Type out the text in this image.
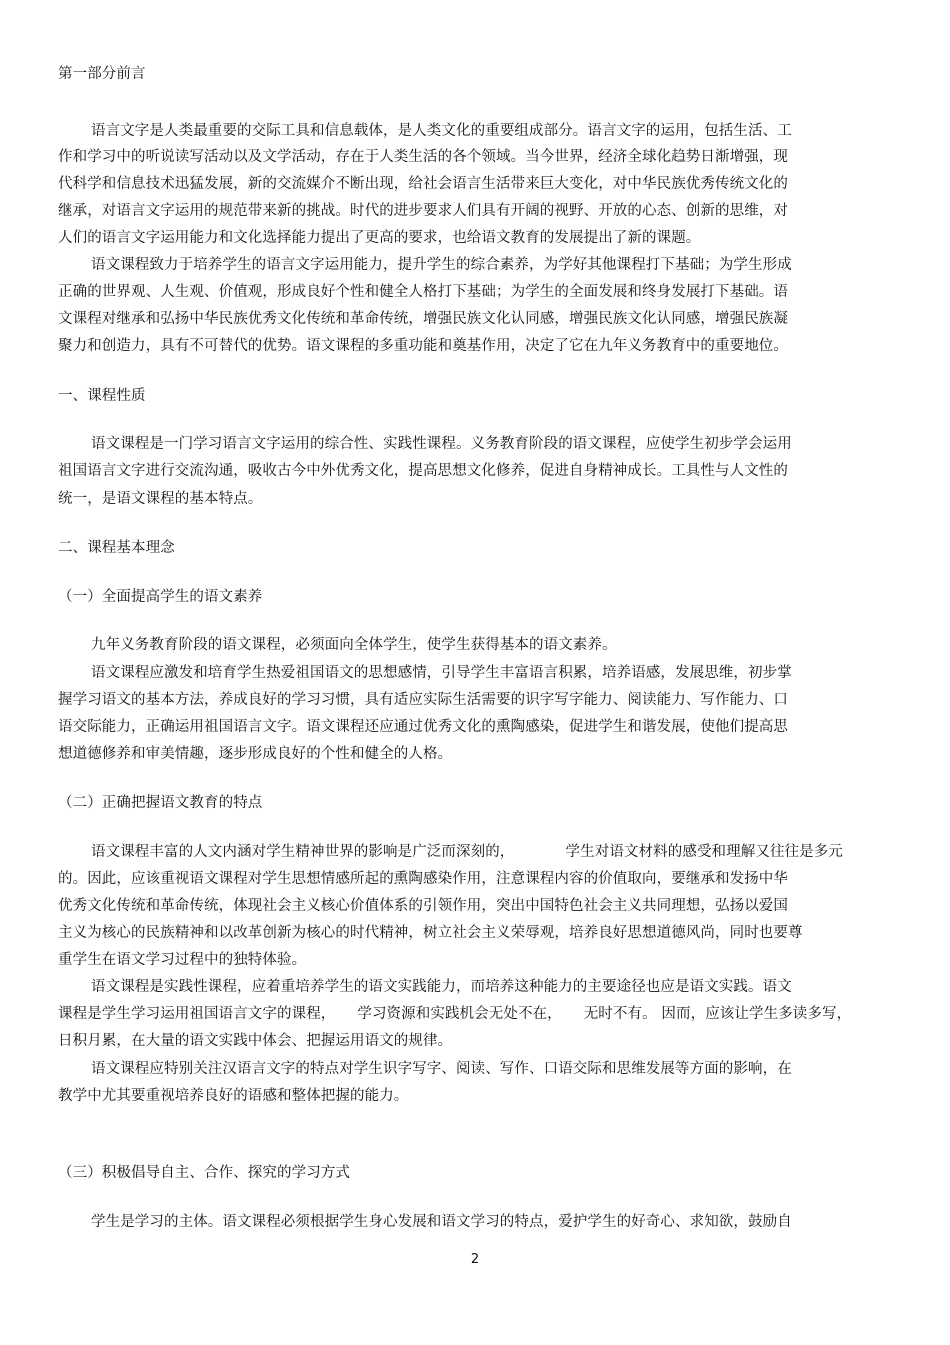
第一部分前言
语言文字是人类最重要的交际工具和信息载体，是人类文化的重要组成部分。语言文字的运用，包括生活、工
作和学习中的听说读写活动以及文学活动，存在于人类生活的各个领域。当今世界，经济全球化趋势日渐增强，现
代科学和信息技术迅猛发展，新的交流媒介不断出现，给社会语言生活带来巨大变化，对中华民族优秀传统文化的
继承，对语言文字运用的规范带来新的挑战。时代的进步要求人们具有开阔的视野、开放的心态、创新的思维，对
人们的语言文字运用能力和文化选择能力提出了更高的要求，也给语文教育的发展提出了新的课题。
语文课程致力于培养学生的语言文字运用能力，提升学生的综合素养，为学好其他课程打下基础；为学生形成
正确的世界观、人生观、价值观，形成良好个性和健全人格打下基础；为学生的全面发展和终身发展打下基础。语
文课程对继承和弘扬中华民族优秀文化传统和革命传统，增强民族文化认同感，增强民族文化认同感，增强民族凝
聚力和创造力，具有不可替代的优势。语文课程的多重功能和奠基作用，决定了它在九年义务教育中的重要地位。
一、课程性质
语文课程是一门学习语言文字运用的综合性、实践性课程。义务教育阶段的语文课程，应使学生初步学会运用
祖国语言文字进行交流沟通，吸收古今中外优秀文化，提高思想文化修养，促进自身精神成长。工具性与人文性的
统一，是语文课程的基本特点。
二、课程基本理念
（一）全面提高学生的语文素养
九年义务教育阶段的语文课程，必须面向全体学生，使学生获得基本的语文素养。
语文课程应激发和培育学生热爱祖国语文的思想感情，引导学生丰富语言积累，培养语感，发展思维，初步掌
握学习语文的基本方法，养成良好的学习习惯，具有适应实际生活需要的识字写字能力、阅读能力、写作能力、口
语交际能力，正确运用祖国语言文字。语文课程还应通过优秀文化的熏陶感染，促进学生和谐发展，使他们提高思
想道德修养和审美情趣，逐步形成良好的个性和健全的人格。
（二）正确把握语文教育的特点
语文课程丰富的人文内涵对学生精神世界的影响是广泛而深刻的，　　　　学生对语文材料的感受和理解又往往是多元
的。因此，应该重视语文课程对学生思想情感所起的熏陶感染作用，注意课程内容的价值取向，要继承和发扬中华
优秀文化传统和革命传统，体现社会主义核心价值体系的引领作用，突出中国特色社会主义共同理想，弘扬以爱国
主义为核心的民族精神和以改革创新为核心的时代精神，树立社会主义荣辱观，培养良好思想道德风尚，同时也要尊
重学生在语文学习过程中的独特体验。
语文课程是实践性课程，应着重培养学生的语文实践能力，而培养这种能力的主要途径也应是语文实践。语文
课程是学生学习运用祖国语言文字的课程，　　学习资源和实践机会无处不在，　　无时不有。 因而，应该让学生多读多写，
日积月累，在大量的语文实践中体会、把握运用语文的规律。
语文课程应特别关注汉语言文字的特点对学生识字写字、阅读、写作、口语交际和思维发展等方面的影响，在
教学中尤其要重视培养良好的语感和整体把握的能力。
（三）积极倡导自主、合作、探究的学习方式
学生是学习的主体。语文课程必须根据学生身心发展和语文学习的特点，爱护学生的好奇心、求知欲，鼓励自
2
